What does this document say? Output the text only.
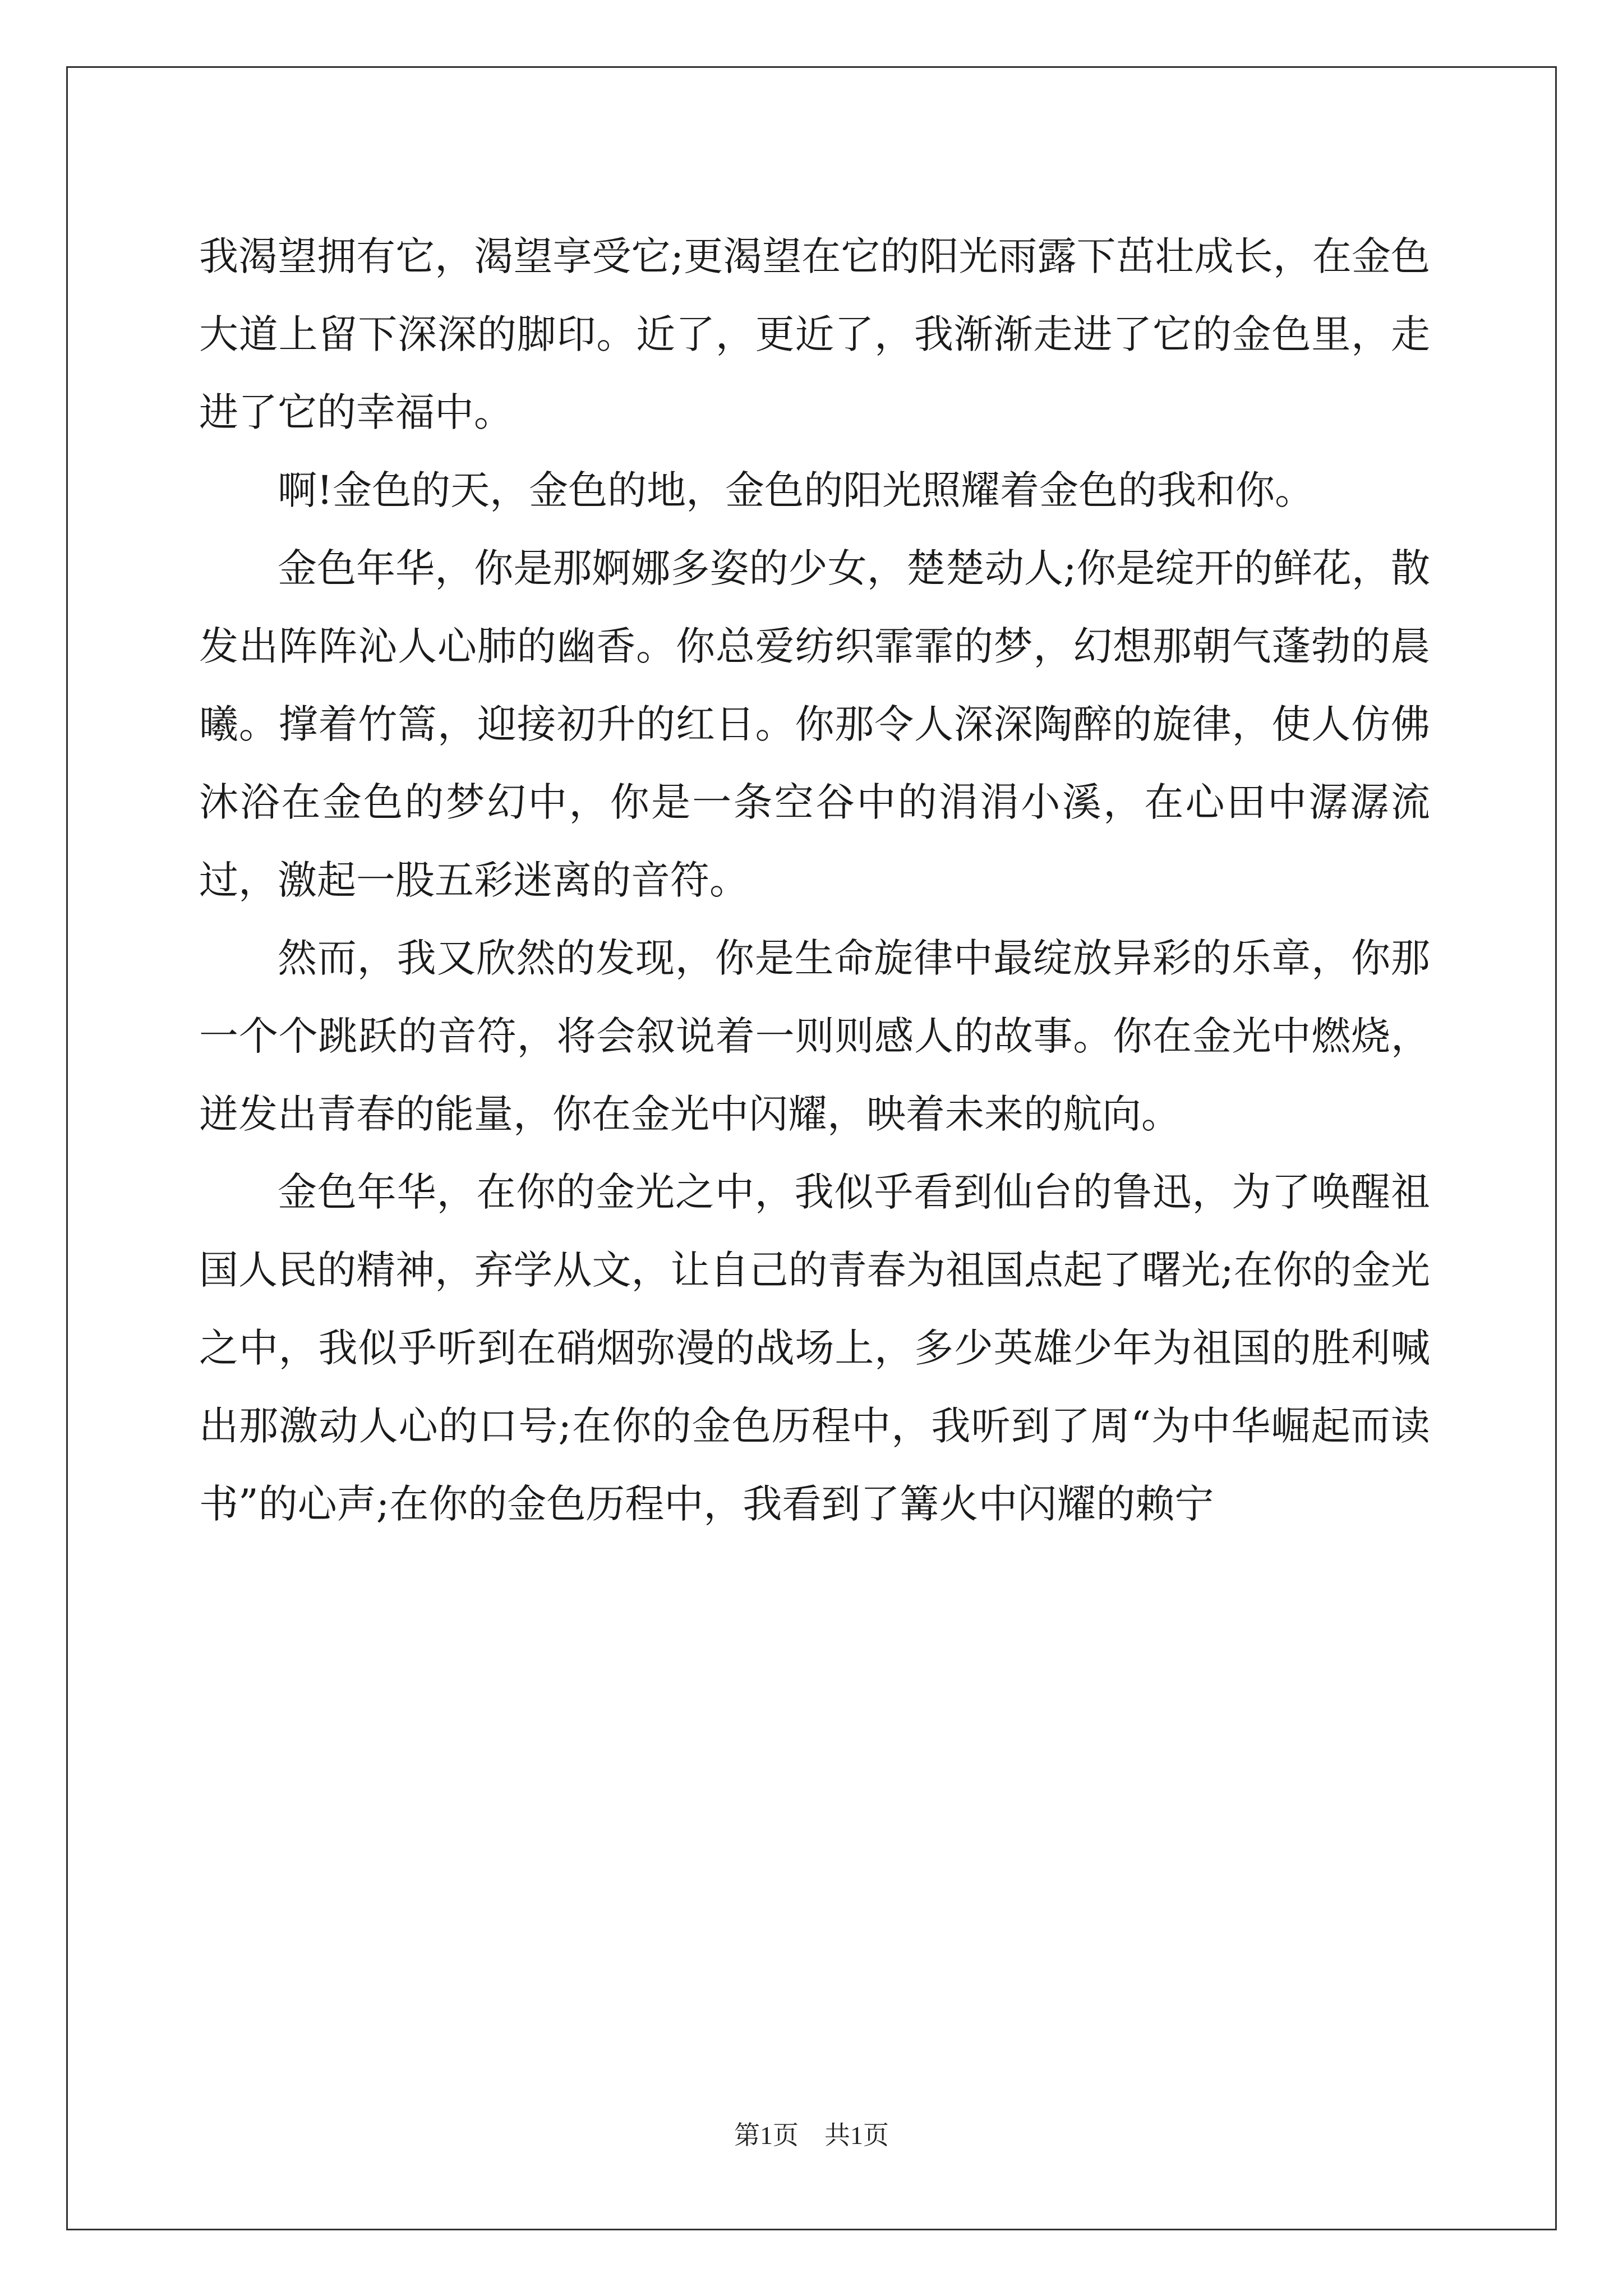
我渴望拥有它，渴望享受它;更渴望在它的阳光雨露下茁壮成长，在金色大道上留下深深的脚印。近了，更近了，我渐渐走进了它的金色里，走进了它的幸福中。

啊!金色的天，金色的地，金色的阳光照耀着金色的我和你。

金色年华，你是那婀娜多姿的少女，楚楚动人;你是绽开的鲜花，散发出阵阵沁人心肺的幽香。你总爱纺织霏霏的梦，幻想那朝气蓬勃的晨曦。撑着竹篙，迎接初升的红日。你那令人深深陶醉的旋律，使人仿佛沐浴在金色的梦幻中，你是一条空谷中的涓涓小溪，在心田中潺潺流过，激起一股五彩迷离的音符。

然而，我又欣然的发现，你是生命旋律中最绽放异彩的乐章，你那一个个跳跃的音符，将会叙说着一则则感人的故事。你在金光中燃烧，迸发出青春的能量，你在金光中闪耀，映着未来的航向。

金色年华，在你的金光之中，我似乎看到仙台的鲁迅，为了唤醒祖国人民的精神，弃学从文，让自己的青春为祖国点起了曙光;在你的金光之中，我似乎听到在硝烟弥漫的战场上，多少英雄少年为祖国的胜利喊出那激动人心的口号;在你的金色历程中，我听到了周“为中华崛起而读书”的心声;在你的金色历程中，我看到了篝火中闪耀的赖宁

第1页　共1页
